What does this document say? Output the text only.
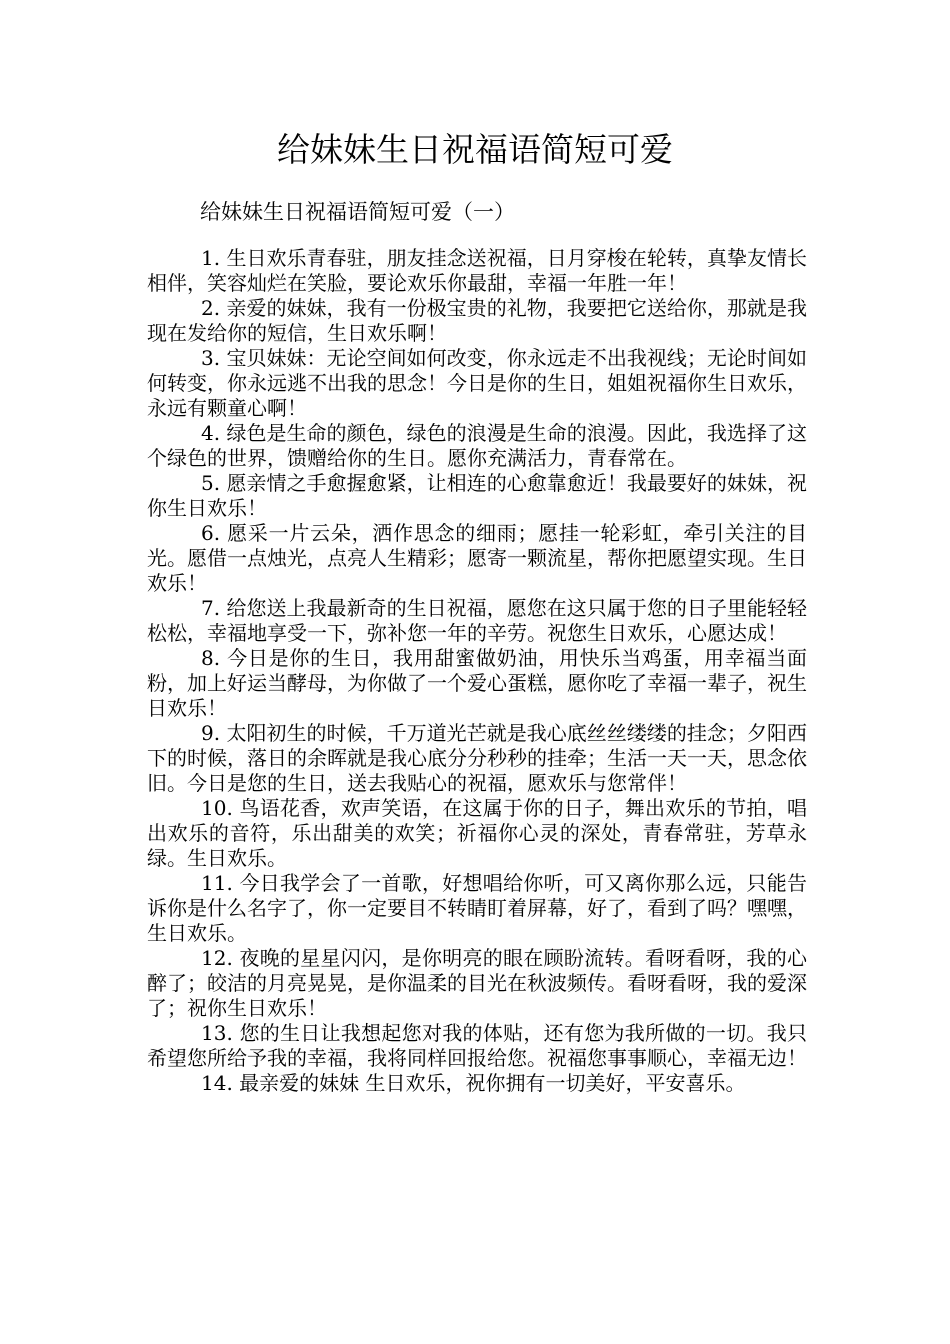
给妹妹生日祝福语简短可爱

给妹妹生日祝福语简短可爱（一）

1. 生日欢乐青春驻，朋友挂念送祝福，日月穿梭在轮转，真挚友情长相伴，笑容灿烂在笑脸，要论欢乐你最甜，幸福一年胜一年！

2. 亲爱的妹妹，我有一份极宝贵的礼物，我要把它送给你，那就是我现在发给你的短信，生日欢乐啊！

3. 宝贝妹妹：无论空间如何改变，你永远走不出我视线；无论时间如何转变，你永远逃不出我的思念！今日是你的生日，姐姐祝福你生日欢乐，永远有颗童心啊！

4. 绿色是生命的颜色，绿色的浪漫是生命的浪漫。因此，我选择了这个绿色的世界，馈赠给你的生日。愿你充满活力，青春常在。

5. 愿亲情之手愈握愈紧，让相连的心愈靠愈近！我最要好的妹妹，祝你生日欢乐！

6. 愿采一片云朵，洒作思念的细雨；愿挂一轮彩虹，牵引关注的目光。愿借一点烛光，点亮人生精彩；愿寄一颗流星，帮你把愿望实现。生日欢乐！

7. 给您送上我最新奇的生日祝福，愿您在这只属于您的日子里能轻轻松松，幸福地享受一下，弥补您一年的辛劳。祝您生日欢乐，心愿达成！

8. 今日是你的生日，我用甜蜜做奶油，用快乐当鸡蛋，用幸福当面粉，加上好运当酵母，为你做了一个爱心蛋糕，愿你吃了幸福一辈子，祝生日欢乐！

9. 太阳初生的时候，千万道光芒就是我心底丝丝缕缕的挂念；夕阳西下的时候，落日的余晖就是我心底分分秒秒的挂牵；生活一天一天，思念依旧。今日是您的生日，送去我贴心的祝福，愿欢乐与您常伴！

10. 鸟语花香，欢声笑语，在这属于你的日子，舞出欢乐的节拍，唱出欢乐的音符，乐出甜美的欢笑；祈福你心灵的深处，青春常驻，芳草永绿。生日欢乐。

11. 今日我学会了一首歌，好想唱给你听，可又离你那么远，只能告诉你是什么名字了，你一定要目不转睛盯着屏幕，好了，看到了吗？嘿嘿，生日欢乐。

12. 夜晚的星星闪闪，是你明亮的眼在顾盼流转。看呀看呀，我的心醉了；皎洁的月亮晃晃，是你温柔的目光在秋波频传。看呀看呀，我的爱深了；祝你生日欢乐！

13. 您的生日让我想起您对我的体贴，还有您为我所做的一切。我只希望您所给予我的幸福，我将同样回报给您。祝福您事事顺心，幸福无边！

14. 最亲爱的妹妹 生日欢乐，祝你拥有一切美好，平安喜乐。
